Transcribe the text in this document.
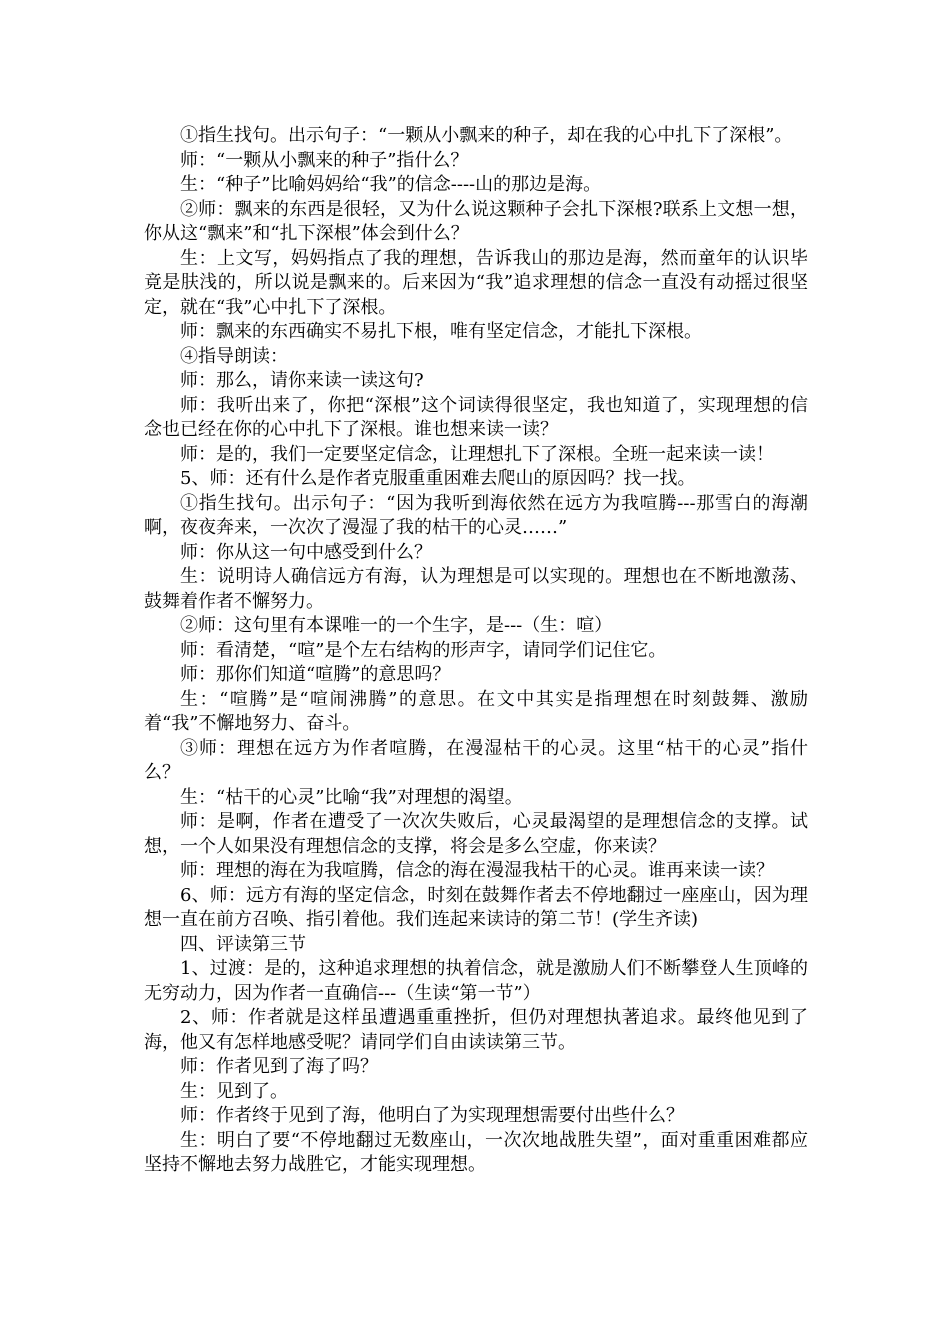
①指生找句。出示句子：“一颗从小飘来的种子，却在我的心中扎下了深根”。

师：“一颗从小飘来的种子”指什么？

生：“种子”比喻妈妈给“我”的信念----山的那边是海。

②师：飘来的东西是很轻，又为什么说这颗种子会扎下深根?联系上文想一想，你从这“飘来”和“扎下深根”体会到什么？

生：上文写，妈妈指点了我的理想，告诉我山的那边是海，然而童年的认识毕竟是肤浅的，所以说是飘来的。后来因为“我”追求理想的信念一直没有动摇过很坚定，就在“我”心中扎下了深根。

师：飘来的东西确实不易扎下根，唯有坚定信念，才能扎下深根。

④指导朗读：

师：那么，请你来读一读这句?

师：我听出来了，你把“深根”这个词读得很坚定，我也知道了，实现理想的信念也已经在你的心中扎下了深根。谁也想来读一读？

师：是的，我们一定要坚定信念，让理想扎下了深根。全班一起来读一读！

5、师：还有什么是作者克服重重困难去爬山的原因吗？找一找。

①指生找句。出示句子：“因为我听到海依然在远方为我喧腾---那雪白的海潮啊，夜夜奔来，一次次了漫湿了我的枯干的心灵……”

师：你从这一句中感受到什么？

生：说明诗人确信远方有海，认为理想是可以实现的。理想也在不断地激荡、鼓舞着作者不懈努力。

②师：这句里有本课唯一的一个生字，是---（生：喧）

师：看清楚，“喧”是个左右结构的形声字，请同学们记住它。

师：那你们知道“喧腾”的意思吗？

生：“喧腾”是“喧闹沸腾”的意思。在文中其实是指理想在时刻鼓舞、激励着“我”不懈地努力、奋斗。

③师：理想在远方为作者喧腾，在漫湿枯干的心灵。这里“枯干的心灵”指什么？

生：“枯干的心灵”比喻“我”对理想的渴望。

师：是啊，作者在遭受了一次次失败后，心灵最渴望的是理想信念的支撑。试想，一个人如果没有理想信念的支撑，将会是多么空虚，你来读？

师：理想的海在为我喧腾，信念的海在漫湿我枯干的心灵。谁再来读一读？

6、师：远方有海的坚定信念，时刻在鼓舞作者去不停地翻过一座座山，因为理想一直在前方召唤、指引着他。我们连起来读诗的第二节！(学生齐读)

四、评读第三节

1、过渡：是的，这种追求理想的执着信念，就是激励人们不断攀登人生顶峰的无穷动力，因为作者一直确信---（生读“第一节”）

2、师：作者就是这样虽遭遇重重挫折，但仍对理想执著追求。最终他见到了海，他又有怎样地感受呢？请同学们自由读读第三节。

师：作者见到了海了吗？

生：见到了。

师：作者终于见到了海，他明白了为实现理想需要付出些什么？

生：明白了要“不停地翻过无数座山，一次次地战胜失望”，面对重重困难都应坚持不懈地去努力战胜它，才能实现理想。
